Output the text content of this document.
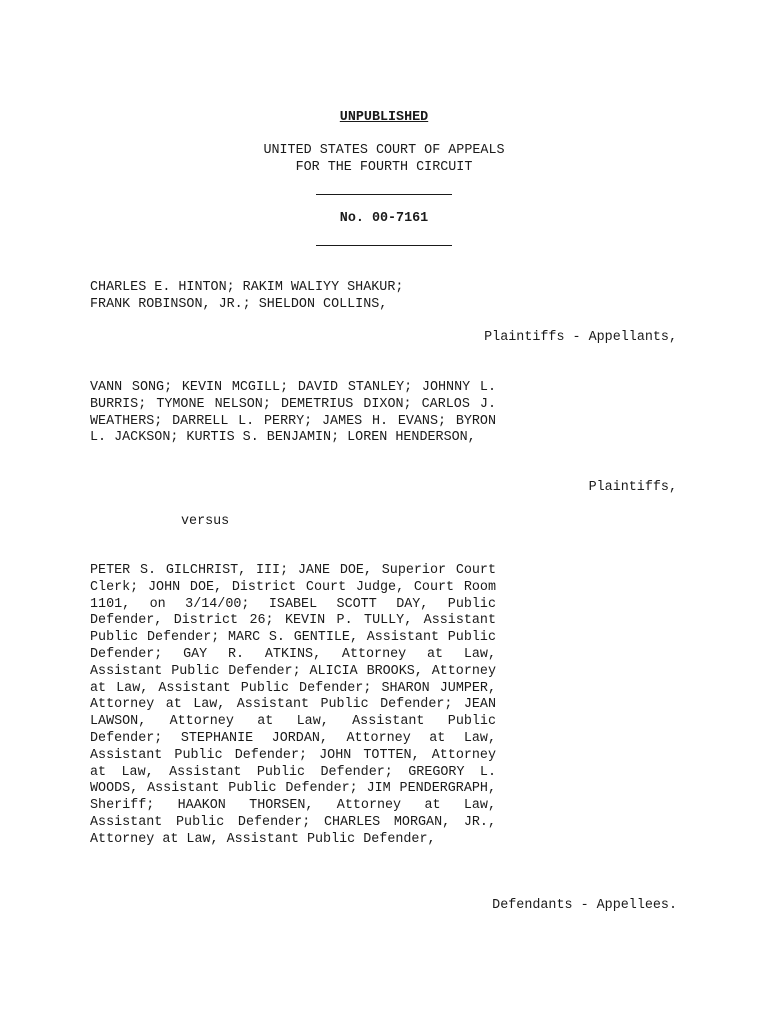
UNPUBLISHED
UNITED STATES COURT OF APPEALS
FOR THE FOURTH CIRCUIT
No. 00-7161
CHARLES E. HINTON; RAKIM WALIYY SHAKUR; FRANK ROBINSON, JR.; SHELDON COLLINS,
Plaintiffs - Appellants,
VANN SONG; KEVIN MCGILL; DAVID STANLEY; JOHNNY L. BURRIS; TYMONE NELSON; DEMETRIUS DIXON; CARLOS J. WEATHERS; DARRELL L. PERRY; JAMES H. EVANS; BYRON L. JACKSON; KURTIS S. BENJAMIN; LOREN HENDERSON,
Plaintiffs,
versus
PETER S. GILCHRIST, III; JANE DOE, Superior Court Clerk; JOHN DOE, District Court Judge, Court Room 1101, on 3/14/00; ISABEL SCOTT DAY, Public Defender, District 26; KEVIN P. TULLY, Assistant Public Defender; MARC S. GENTILE, Assistant Public Defender; GAY R. ATKINS, Attorney at Law, Assistant Public Defender; ALICIA BROOKS, Attorney at Law, Assistant Public Defender; SHARON JUMPER, Attorney at Law, Assistant Public Defender; JEAN LAWSON, Attorney at Law, Assistant Public Defender; STEPHANIE JORDAN, Attorney at Law, Assistant Public Defender; JOHN TOTTEN, Attorney at Law, Assistant Public Defender; GREGORY L. WOODS, Assistant Public Defender; JIM PENDERGRAPH, Sheriff; HAAKON THORSEN, Attorney at Law, Assistant Public Defender; CHARLES MORGAN, JR., Attorney at Law, Assistant Public Defender,
Defendants - Appellees.
